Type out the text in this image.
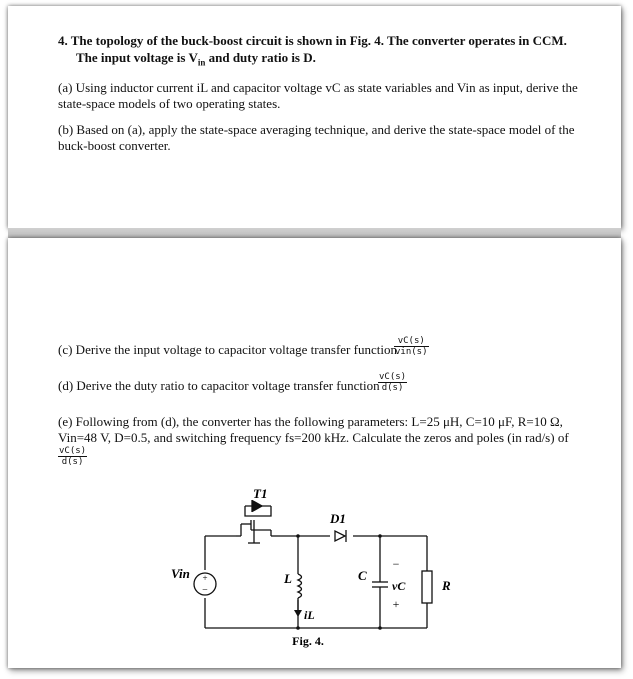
4. The topology of the buck-boost circuit is shown in Fig. 4. The converter operates in CCM.
The input voltage is $V_{in}$ and duty ratio is D.
(a) Using inductor current iL and capacitor voltage vC as state variables and Vin as input, derive the
state-space models of two operating states.
(b) Based on (a), apply the state-space averaging technique, and derive the state-space model of the
buck-boost converter.
(c) Derive the input voltage to capacitor voltage transfer function
vC(s)
vin(s)
(d) Derive the duty ratio to capacitor voltage transfer function
$\frac{vC(s)}{d(s)}$
(e) Following from (d), the converter has the following parameters: L=25 μH, C=10 μF, R=10 Ω,
Vin=48 V, D=0.5, and switching frequency fs=200 kHz. Calculate the zeros and poles (in rad/s) of
$\frac{vC(s)}{d(s)}$
+
−
T1
D1
Vin	L
iL
C
−
vC
+
R
Fig. 4.
